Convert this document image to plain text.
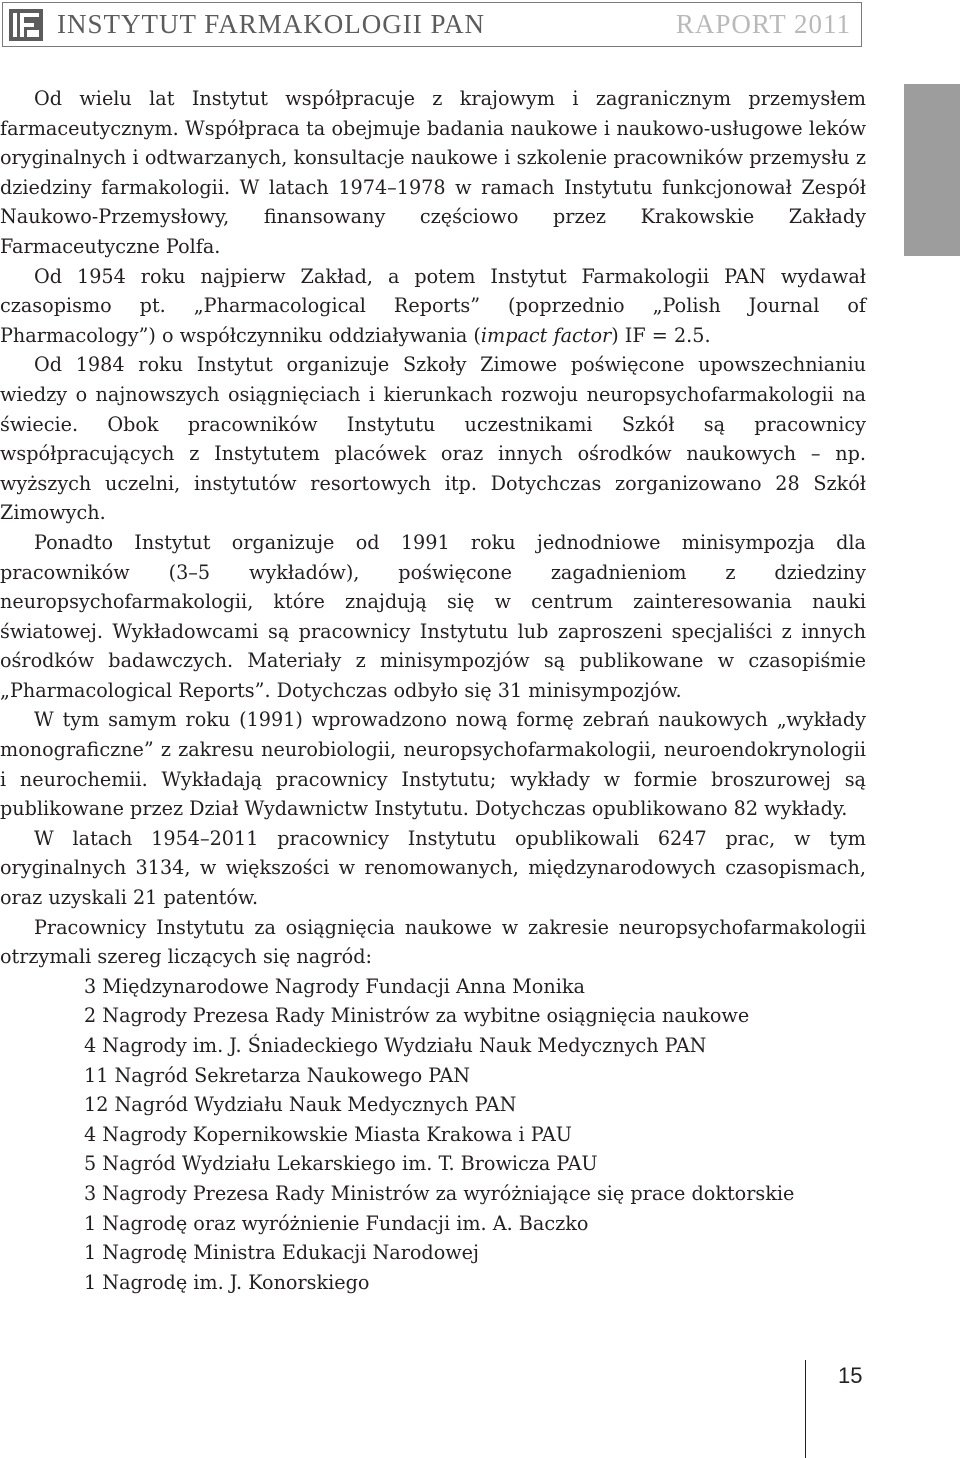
INSTYTUT FARMAKOLOGII PAN	RAPORT 2011

Od wielu lat Instytut współpracuje z krajowym i zagranicznym przemysłem farmaceutycznym. Współpraca ta obejmuje badania naukowe i naukowo-usługowe leków oryginalnych i odtwarzanych, konsultacje naukowe i szkolenie pracowników przemysłu z dziedziny farmakologii. W latach 1974–1978 w ramach Instytutu funkcjonował Zespół Naukowo-Przemysłowy, finansowany częściowo przez Krakowskie Zakłady Farmaceutyczne Polfa.

Od 1954 roku najpierw Zakład, a potem Instytut Farmakologii PAN wydawał czasopismo pt. „Pharmacological Reports” (poprzednio „Polish Journal of Pharmacology”) o współczynniku oddziaływania (impact factor) IF = 2.5.

Od 1984 roku Instytut organizuje Szkoły Zimowe poświęcone upowszechnianiu wiedzy o najnowszych osiągnięciach i kierunkach rozwoju neuropsychofarmakologii na świecie. Obok pracowników Instytutu uczestnikami Szkół są pracownicy współpracujących z Instytutem placówek oraz innych ośrodków naukowych – np. wyższych uczelni, instytutów resortowych itp. Dotychczas zorganizowano 28 Szkół Zimowych.

Ponadto Instytut organizuje od 1991 roku jednodniowe minisympozja dla pracowników (3–5 wykładów), poświęcone zagadnieniom z dziedziny neuropsychofarmakologii, które znajdują się w centrum zainteresowania nauki światowej. Wykładowcami są pracownicy Instytutu lub zaproszeni specjaliści z innych ośrodków badawczych. Materiały z minisympozjów są publikowane w czasopiśmie „Pharmacological Reports”. Dotychczas odbyło się 31 minisympozjów.

W tym samym roku (1991) wprowadzono nową formę zebrań naukowych „wykłady monograficzne” z zakresu neurobiologii, neuropsychofarmakologii, neuroendokrynologii i neurochemii. Wykładają pracownicy Instytutu; wykłady w formie broszurowej są publikowane przez Dział Wydawnictw Instytutu. Dotychczas opublikowano 82 wykłady.

W latach 1954–2011 pracownicy Instytutu opublikowali 6247 prac, w tym oryginalnych 3134, w większości w renomowanych, międzynarodowych czasopismach, oraz uzyskali 21 patentów.

Pracownicy Instytutu za osiągnięcia naukowe w zakresie neuropsychofarmakologii otrzymali szereg liczących się nagród:

3 Międzynarodowe Nagrody Fundacji Anna Monika
2 Nagrody Prezesa Rady Ministrów za wybitne osiągnięcia naukowe
4 Nagrody im. J. Śniadeckiego Wydziału Nauk Medycznych PAN
11 Nagród Sekretarza Naukowego PAN
12 Nagród Wydziału Nauk Medycznych PAN
4 Nagrody Kopernikowskie Miasta Krakowa i PAU
5 Nagród Wydziału Lekarskiego im. T. Browicza PAU
3 Nagrody Prezesa Rady Ministrów za wyróżniające się prace doktorskie
1 Nagrodę oraz wyróżnienie Fundacji im. A. Baczko
1 Nagrodę Ministra Edukacji Narodowej
1 Nagrodę im. J. Konorskiego
15
